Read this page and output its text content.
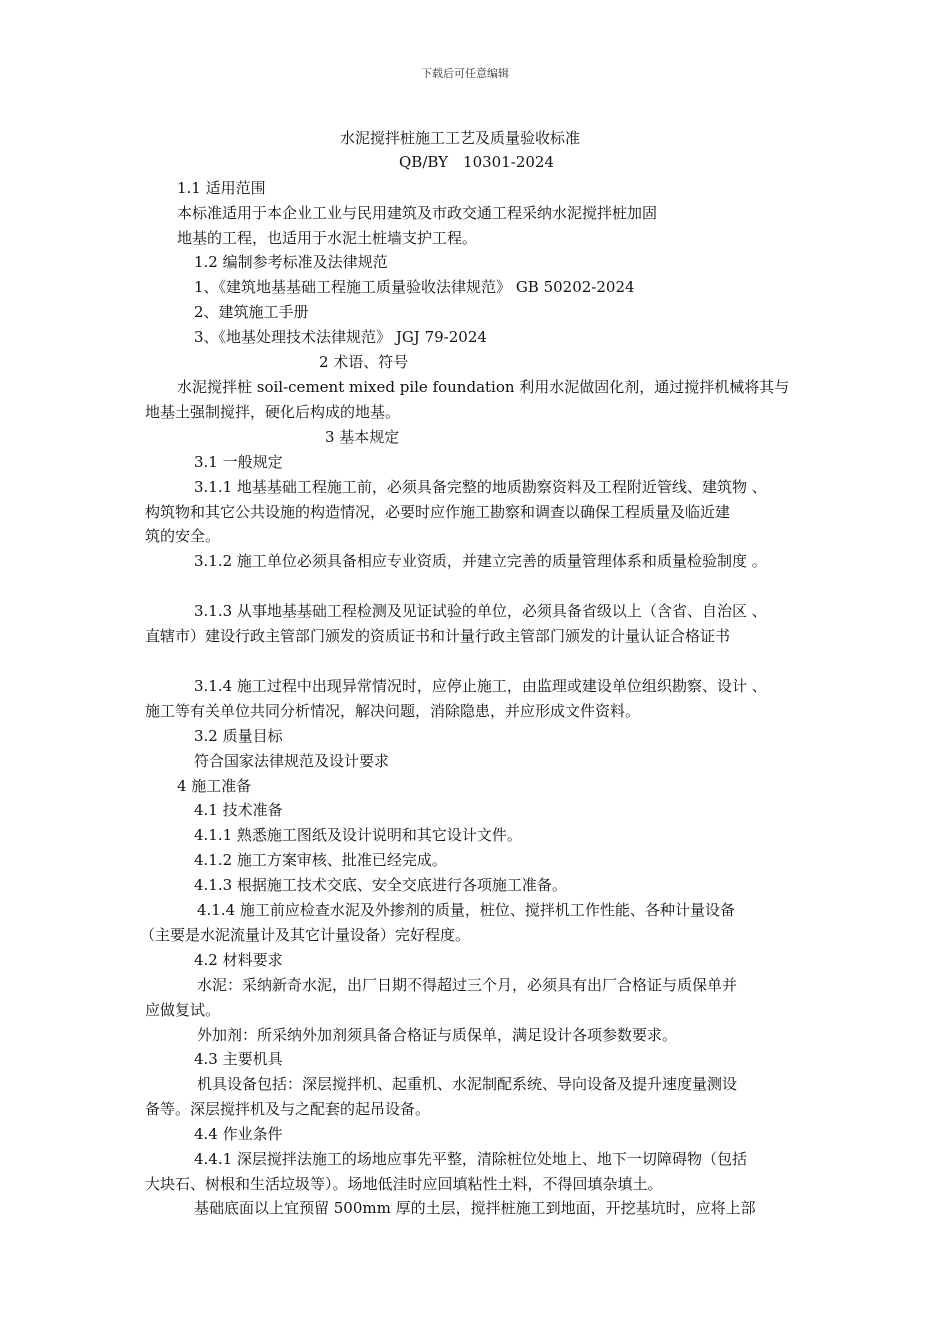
下载后可任意编辑
水泥搅拌桩施工工艺及质量验收标准
QB/BY　10301-2024
1.1 适用范围
本标准适用于本企业工业与民用建筑及市政交通工程采纳水泥搅拌桩加固
地基的工程，也适用于水泥土桩墙支护工程。
1.2 编制参考标准及法律规范
1、《建筑地基基础工程施工质量验收法律规范》 GB 50202-2024
2、建筑施工手册
3、《地基处理技术法律规范》 JGJ 79-2024
2 术语、符号
水泥搅拌桩 soil-cement mixed pile foundation 利用水泥做固化剂，通过搅拌机械将其与
地基土强制搅拌，硬化后构成的地基。
3 基本规定
3.1 一般规定
3.1.1 地基基础工程施工前，必须具备完整的地质勘察资料及工程附近管线、建筑物 、
构筑物和其它公共设施的构造情况，必要时应作施工勘察和调查以确保工程质量及临近建
筑的安全。
3.1.2 施工单位必须具备相应专业资质，并建立完善的质量管理体系和质量检验制度 。
3.1.3 从事地基基础工程检测及见证试验的单位，必须具备省级以上（含省、自治区 、
直辖市）建设行政主管部门颁发的资质证书和计量行政主管部门颁发的计量认证合格证书
3.1.4 施工过程中出现异常情况时，应停止施工，由监理或建设单位组织勘察、设计 、
施工等有关单位共同分析情况，解决问题，消除隐患，并应形成文件资料。
3.2 质量目标
符合国家法律规范及设计要求
4 施工准备
4.1 技术准备
4.1.1 熟悉施工图纸及设计说明和其它设计文件。
4.1.2 施工方案审核、批准已经完成。
4.1.3 根据施工技术交底、安全交底进行各项施工准备。
4.1.4 施工前应检查水泥及外掺剂的质量，桩位、搅拌机工作性能、各种计量设备
（主要是水泥流量计及其它计量设备）完好程度。
4.2 材料要求
水泥：采纳新奇水泥，出厂日期不得超过三个月，必须具有出厂合格证与质保单并
应做复试。
外加剂：所采纳外加剂须具备合格证与质保单，满足设计各项参数要求。
4.3 主要机具
机具设备包括：深层搅拌机、起重机、水泥制配系统、导向设备及提升速度量测设
备等。深层搅拌机及与之配套的起吊设备。
4.4 作业条件
4.4.1 深层搅拌法施工的场地应事先平整，清除桩位处地上、地下一切障碍物（包括
大块石、树根和生活垃圾等）。场地低洼时应回填粘性土料，不得回填杂填土。
基础底面以上宜预留 500mm 厚的土层，搅拌桩施工到地面，开挖基坑时，应将上部
